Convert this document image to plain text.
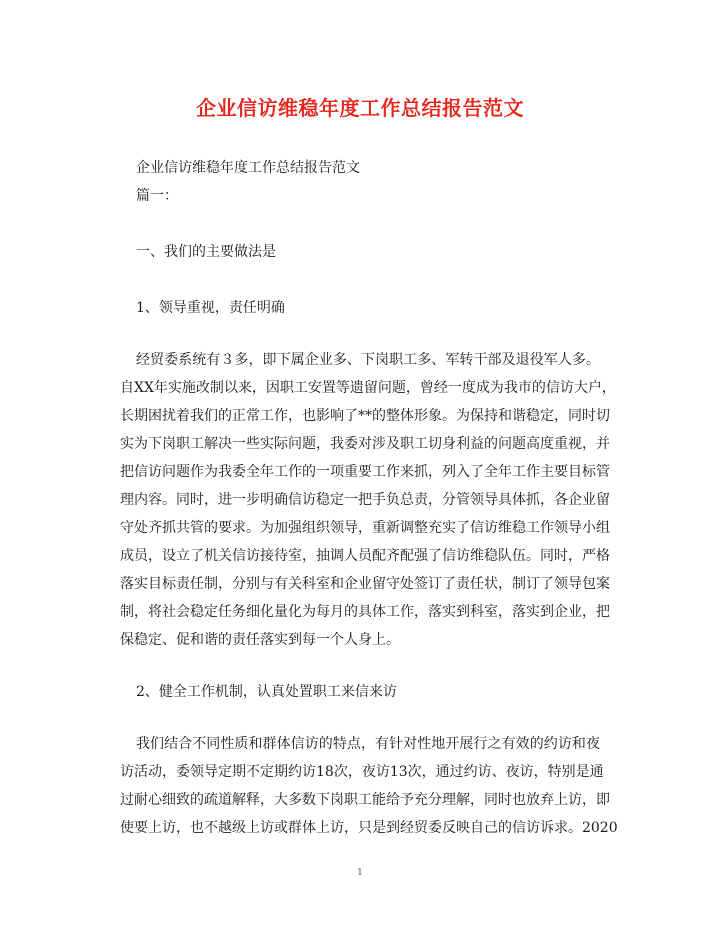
企业信访维稳年度工作总结报告范文
企业信访维稳年度工作总结报告范文
篇一：
一、我们的主要做法是
1、领导重视，责任明确
经贸委系统有３多，即下属企业多、下岗职工多、军转干部及退役军人多。
自XX年实施改制以来，因职工安置等遗留问题，曾经一度成为我市的信访大户，
长期困扰着我们的正常工作，也影响了**的整体形象。为保持和谐稳定，同时切
实为下岗职工解决一些实际问题，我委对涉及职工切身利益的问题高度重视，并
把信访问题作为我委全年工作的一项重要工作来抓，列入了全年工作主要目标管
理内容。同时，进一步明确信访稳定一把手负总责，分管领导具体抓，各企业留
守处齐抓共管的要求。为加强组织领导，重新调整充实了信访维稳工作领导小组
成员，设立了机关信访接待室，抽调人员配齐配强了信访维稳队伍。同时，严格
落实目标责任制，分别与有关科室和企业留守处签订了责任状，制订了领导包案
制，将社会稳定任务细化量化为每月的具体工作，落实到科室，落实到企业，把
保稳定、促和谐的责任落实到每一个人身上。
2、健全工作机制，认真处置职工来信来访
我们结合不同性质和群体信访的特点，有针对性地开展行之有效的约访和夜
访活动，委领导定期不定期约访18次，夜访13次，通过约访、夜访，特别是通
过耐心细致的疏道解释，大多数下岗职工能给予充分理解，同时也放弃上访，即
使要上访，也不越级上访或群体上访，只是到经贸委反映自己的信访诉求。2020
1
